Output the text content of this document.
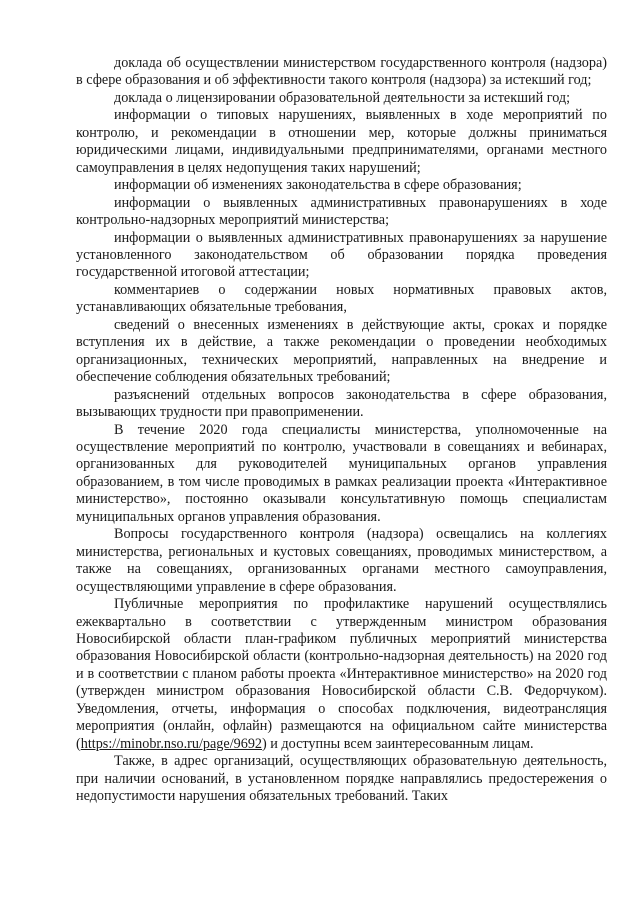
доклада об осуществлении министерством государственного контроля (надзора) в сфере образования и об эффективности такого контроля (надзора) за истекший год;

доклада о лицензировании образовательной деятельности за истекший год;

информации о типовых нарушениях, выявленных в ходе мероприятий по контролю, и рекомендации в отношении мер, которые должны приниматься юридическими лицами, индивидуальными предпринимателями, органами местного самоуправления в целях недопущения таких нарушений;

информации об изменениях законодательства в сфере образования;

информации о выявленных административных правонарушениях в ходе контрольно-надзорных мероприятий министерства;

информации о выявленных административных правонарушениях за нарушение установленного законодательством об образовании порядка проведения государственной итоговой аттестации;

комментариев о содержании новых нормативных правовых актов, устанавливающих обязательные требования,

сведений о внесенных изменениях в действующие акты, сроках и порядке вступления их в действие, а также рекомендации о проведении необходимых организационных, технических мероприятий, направленных на внедрение и обеспечение соблюдения обязательных требований;

разъяснений отдельных вопросов законодательства в сфере образования, вызывающих трудности при правоприменении.

В течение 2020 года специалисты министерства, уполномоченные на осуществление мероприятий по контролю, участвовали в совещаниях и вебинарах, организованных для руководителей муниципальных органов управления образованием, в том числе проводимых в рамках реализации проекта «Интерактивное министерство», постоянно оказывали консультативную помощь специалистам муниципальных органов управления образования.

Вопросы государственного контроля (надзора) освещались на коллегиях министерства, региональных и кустовых совещаниях, проводимых министерством, а также на совещаниях, организованных органами местного самоуправления, осуществляющими управление в сфере образования.

Публичные мероприятия по профилактике нарушений осуществлялись ежеквартально в соответствии с утвержденным министром образования Новосибирской области план-графиком публичных мероприятий министерства образования Новосибирской области (контрольно-надзорная деятельность) на 2020 год и в соответствии с планом работы проекта «Интерактивное министерство» на 2020 год (утвержден министром образования Новосибирской области С.В. Федорчуком). Уведомления, отчеты, информация о способах подключения, видеотрансляция мероприятия (онлайн, офлайн) размещаются на официальном сайте министерства (https://minobr.nso.ru/page/9692) и доступны всем заинтересованным лицам.

Также, в адрес организаций, осуществляющих образовательную деятельность, при наличии оснований, в установленном порядке направлялись предостережения о недопустимости нарушения обязательных требований. Таких
